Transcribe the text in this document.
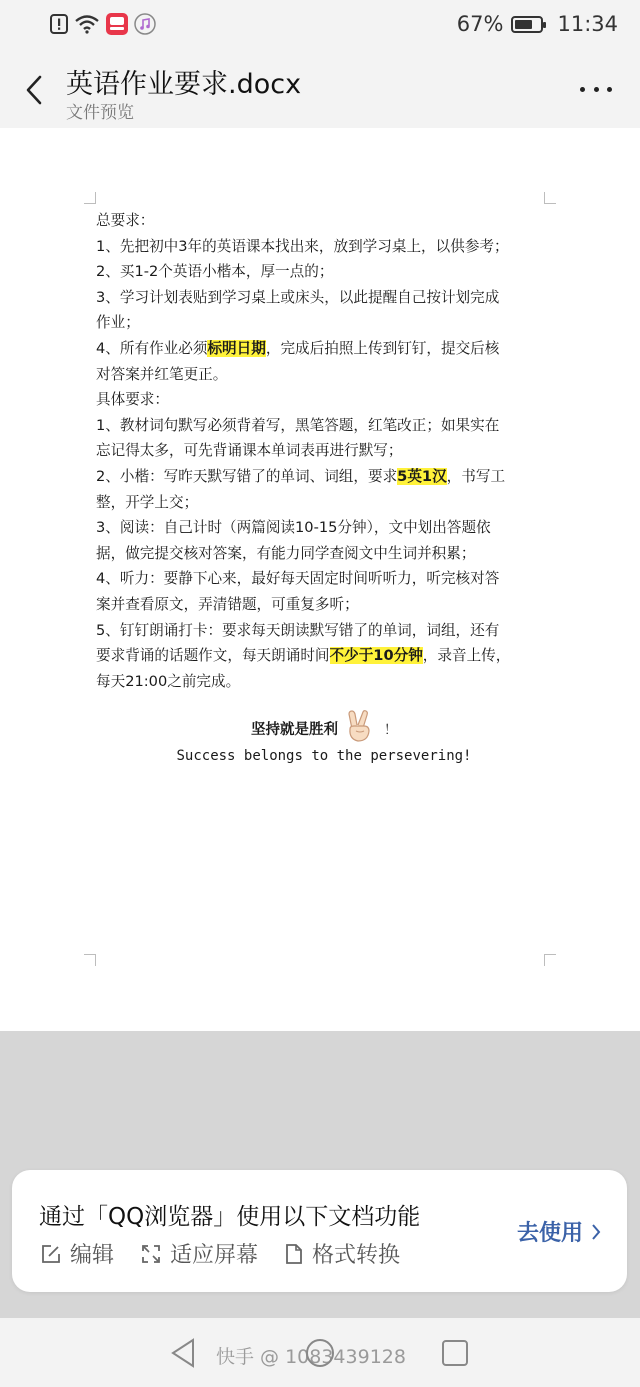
67%	11:34
英语作业要求.docx
文件预览
总要求：
1、先把初中3年的英语课本找出来，放到学习桌上，以供参考；
2、买1-2个英语小楷本，厚一点的；
3、学习计划表贴到学习桌上或床头，以此提醒自己按计划完成
作业；
4、所有作业必须标明日期，完成后拍照上传到钉钉，提交后核
对答案并红笔更正。
具体要求：
1、教材词句默写必须背着写，黑笔答题，红笔改正；如果实在
忘记得太多，可先背诵课本单词表再进行默写；
2、小楷：写昨天默写错了的单词、词组，要求5英1汉，书写工
整，开学上交；
3、阅读：自己计时（两篇阅读10-15分钟），文中划出答题依
据，做完提交核对答案，有能力同学查阅文中生词并积累；
4、听力：要静下心来，最好每天固定时间听听力，听完核对答
案并查看原文，弄清错题，可重复多听；
5、钉钉朗诵打卡：要求每天朗读默写错了的单词，词组，还有
要求背诵的话题作文，每天朗诵时间不少于10分钟，录音上传，
每天21:00之前完成。
坚持就是胜利	！
Success belongs to the persevering!
通过「QQ浏览器」使用以下文档功能
编辑	适应屏幕 格式转换
去使用
快手 @ 1083439128
